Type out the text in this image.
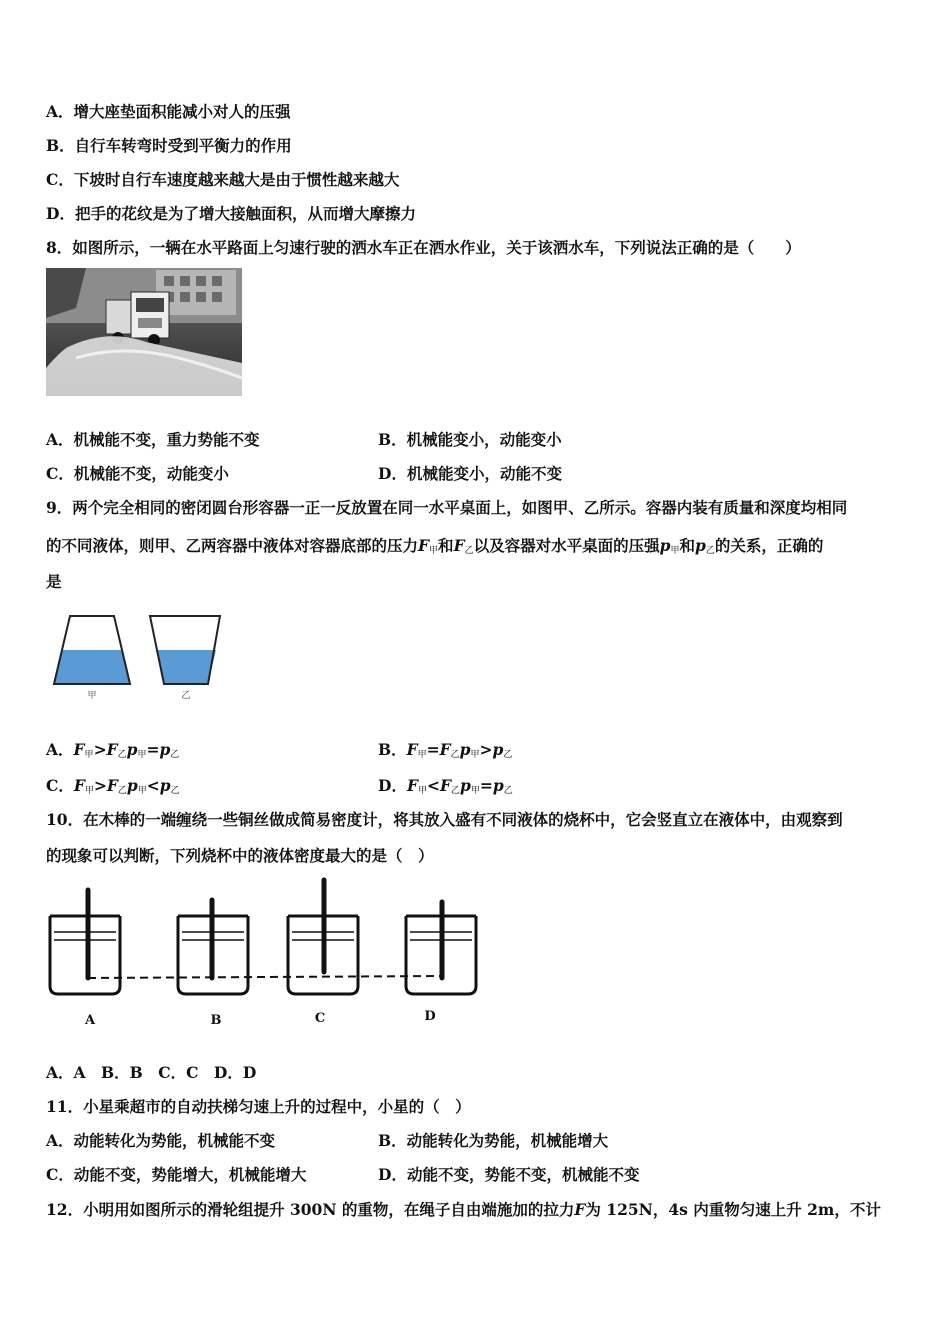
A．增大座垫面积能减小对人的压强
B．自行车转弯时受到平衡力的作用
C．下坡时自行车速度越来越大是由于惯性越来越大
D．把手的花纹是为了增大接触面积，从而增大摩擦力
8．如图所示，一辆在水平路面上匀速行驶的洒水车正在洒水作业，关于该洒水车，下列说法正确的是（　　）
A．机械能不变，重力势能不变	B．机械能变小，动能变小
C．机械能不变，动能变小	D．机械能变小，动能不变
9．两个完全相同的密闭圆台形容器一正一反放置在同一水平桌面上，如图甲、乙所示。容器内装有质量和深度均相同
的不同液体，则甲、乙两容器中液体对容器底部的压力$F_甲$和$F_乙$以及容器对水平桌面的压强$p_甲$和$p_乙$的关系，正确的
是
甲	乙
A．$F_甲>F_乙p_甲=p_乙$	B．$F_甲=F_乙p_甲>p_乙$
C．$F_甲>F_乙p_甲<p_乙$	D．$F_甲<F_乙p_甲=p_乙$
10．在木棒的一端缠绕一些铜丝做成简易密度计，将其放入盛有不同液体的烧杯中，它会竖直立在液体中，由观察到
的现象可以判断，下列烧杯中的液体密度最大的是（　）
A	B	C	D
A．A　B．B　C．C　D．D
11．小星乘超市的自动扶梯匀速上升的过程中，小星的（　）
A．动能转化为势能，机械能不变	B．动能转化为势能，机械能增大
C．动能不变，势能增大，机械能增大	D．动能不变，势能不变，机械能不变
12．小明用如图所示的滑轮组提升 300N 的重物，在绳子自由端施加的拉力F为 125N，4s 内重物匀速上升 2m，不计
